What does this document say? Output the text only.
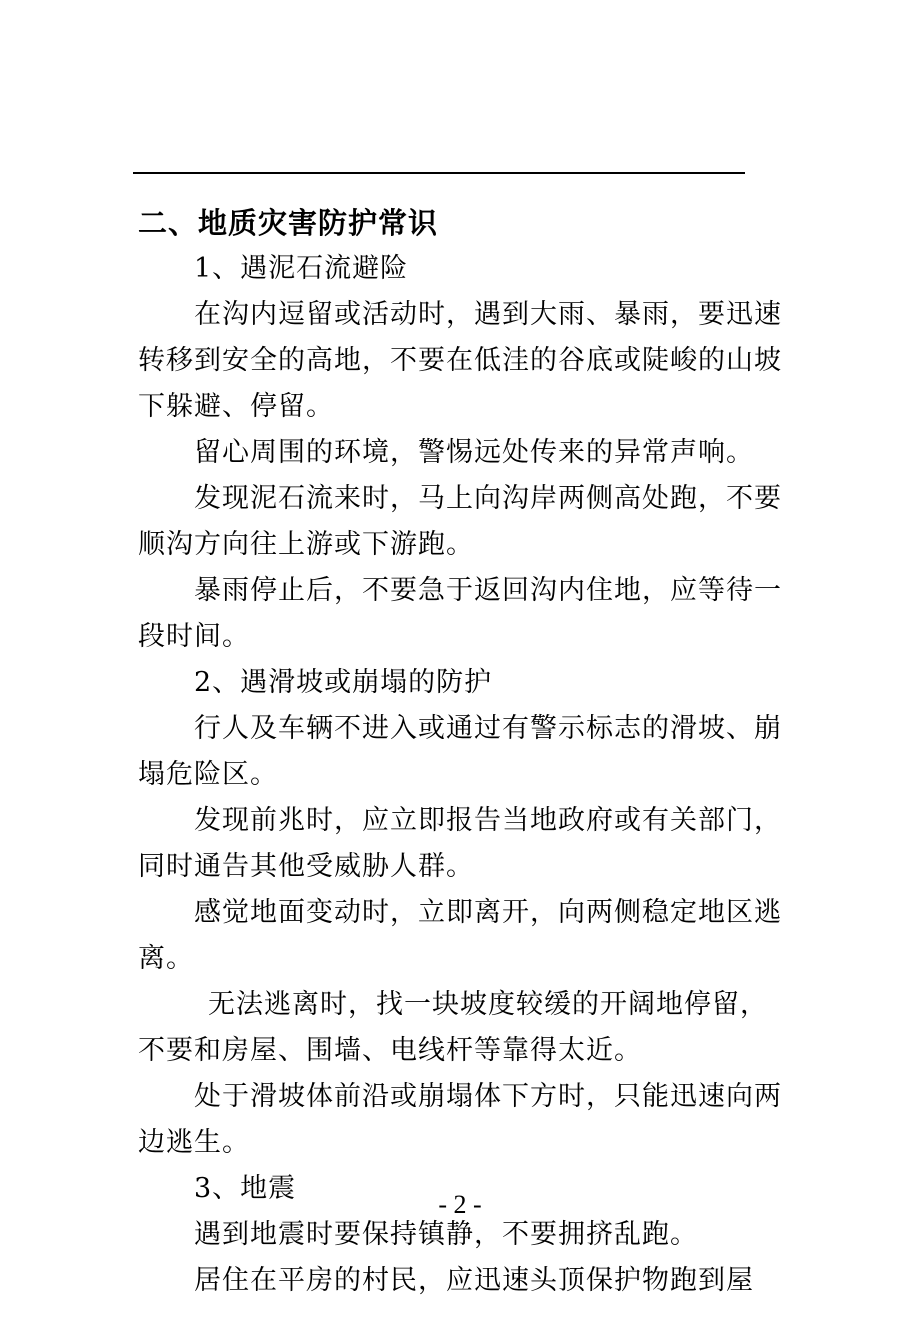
二、地质灾害防护常识

1、遇泥石流避险

在沟内逗留或活动时，遇到大雨、暴雨，要迅速转移到安全的高地，不要在低洼的谷底或陡峻的山坡下躲避、停留。

留心周围的环境，警惕远处传来的异常声响。

发现泥石流来时，马上向沟岸两侧高处跑，不要顺沟方向往上游或下游跑。

暴雨停止后，不要急于返回沟内住地，应等待一段时间。

2、遇滑坡或崩塌的防护

行人及车辆不进入或通过有警示标志的滑坡、崩塌危险区。

发现前兆时，应立即报告当地政府或有关部门，同时通告其他受威胁人群。

感觉地面变动时，立即离开，向两侧稳定地区逃离。

无法逃离时，找一块坡度较缓的开阔地停留，不要和房屋、围墙、电线杆等靠得太近。

处于滑坡体前沿或崩塌体下方时，只能迅速向两边逃生。

3、地震

遇到地震时要保持镇静，不要拥挤乱跑。

居住在平房的村民，应迅速头顶保护物跑到屋

- 2 -
